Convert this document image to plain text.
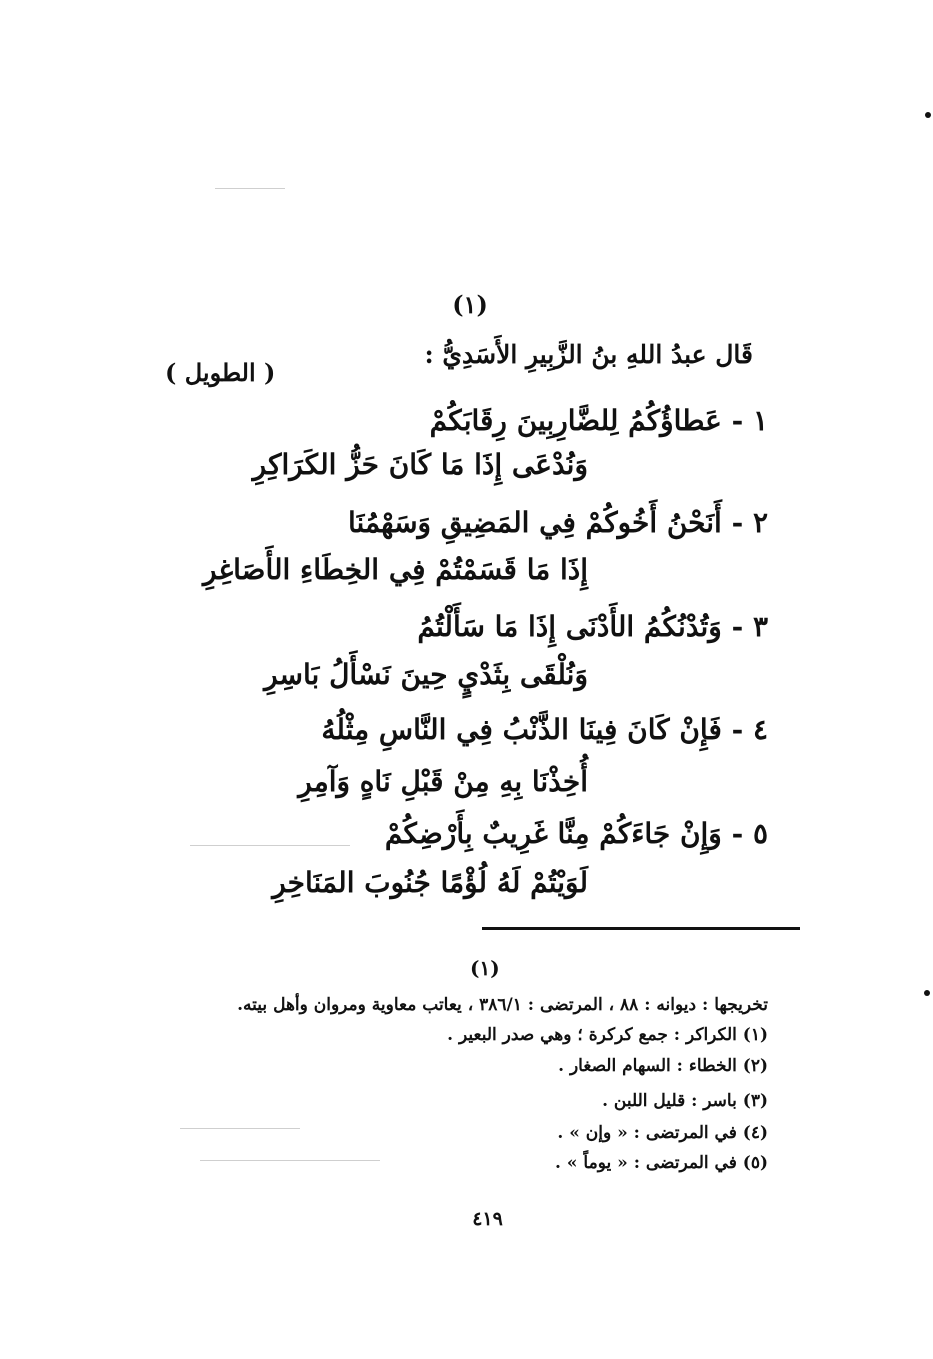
(١)
قَال عبدُ اللهِ بنُ الزَّبِيرِ الأَسَدِيُّ :
( الطويل )
١ - عَطاؤُكُمُ لِلضَّارِبِينَ رِقَابَكُمْ
وَنُدْعَى إِذَا مَا كَانَ حَزُّ الكَرَاكِرِ
٢ - أَنَحْنُ أَخُوكُمْ فِي المَضِيقِ وَسَهْمُنَا
إِذَا مَا قَسَمْتُمْ فِي الخِطَاءِ الأَصَاغِرِ
٣ - وَتُدْنُكُمُ الأَدْنَى إِذَا مَا سَأَلْتُمُ
وَنُلْقَى بِثَدْيٍ حِينَ نَسْأَلُ بَاسِرِ
٤ - فَإِنْ كَانَ فِينَا الذَّنْبُ فِي النَّاسِ مِثْلُهُ
أُخِذْنَا بِهِ مِنْ قَبْلِ نَاهٍ وَآمِرِ
٥ - وَإِنْ جَاءَكُمْ مِنَّا غَرِيبٌ بِأَرْضِكُمْ
لَوَيْتُمْ لَهُ لُؤْمًا جُنُوبَ المَنَاخِرِ
(١)
تخريجها : ديوانه : ٨٨ ، المرتضى : ٣٨٦/١ ، يعاتب معاوية ومروان وأهل بيته.
(١) الكراكر : جمع كركرة ؛ وهي صدر البعير .
(٢) الخطاء : السهام الصغار .
(٣) باسر : قليل اللبن .
(٤) في المرتضى : « وإن » .
(٥) في المرتضى : « يوماً » .
٤١٩
